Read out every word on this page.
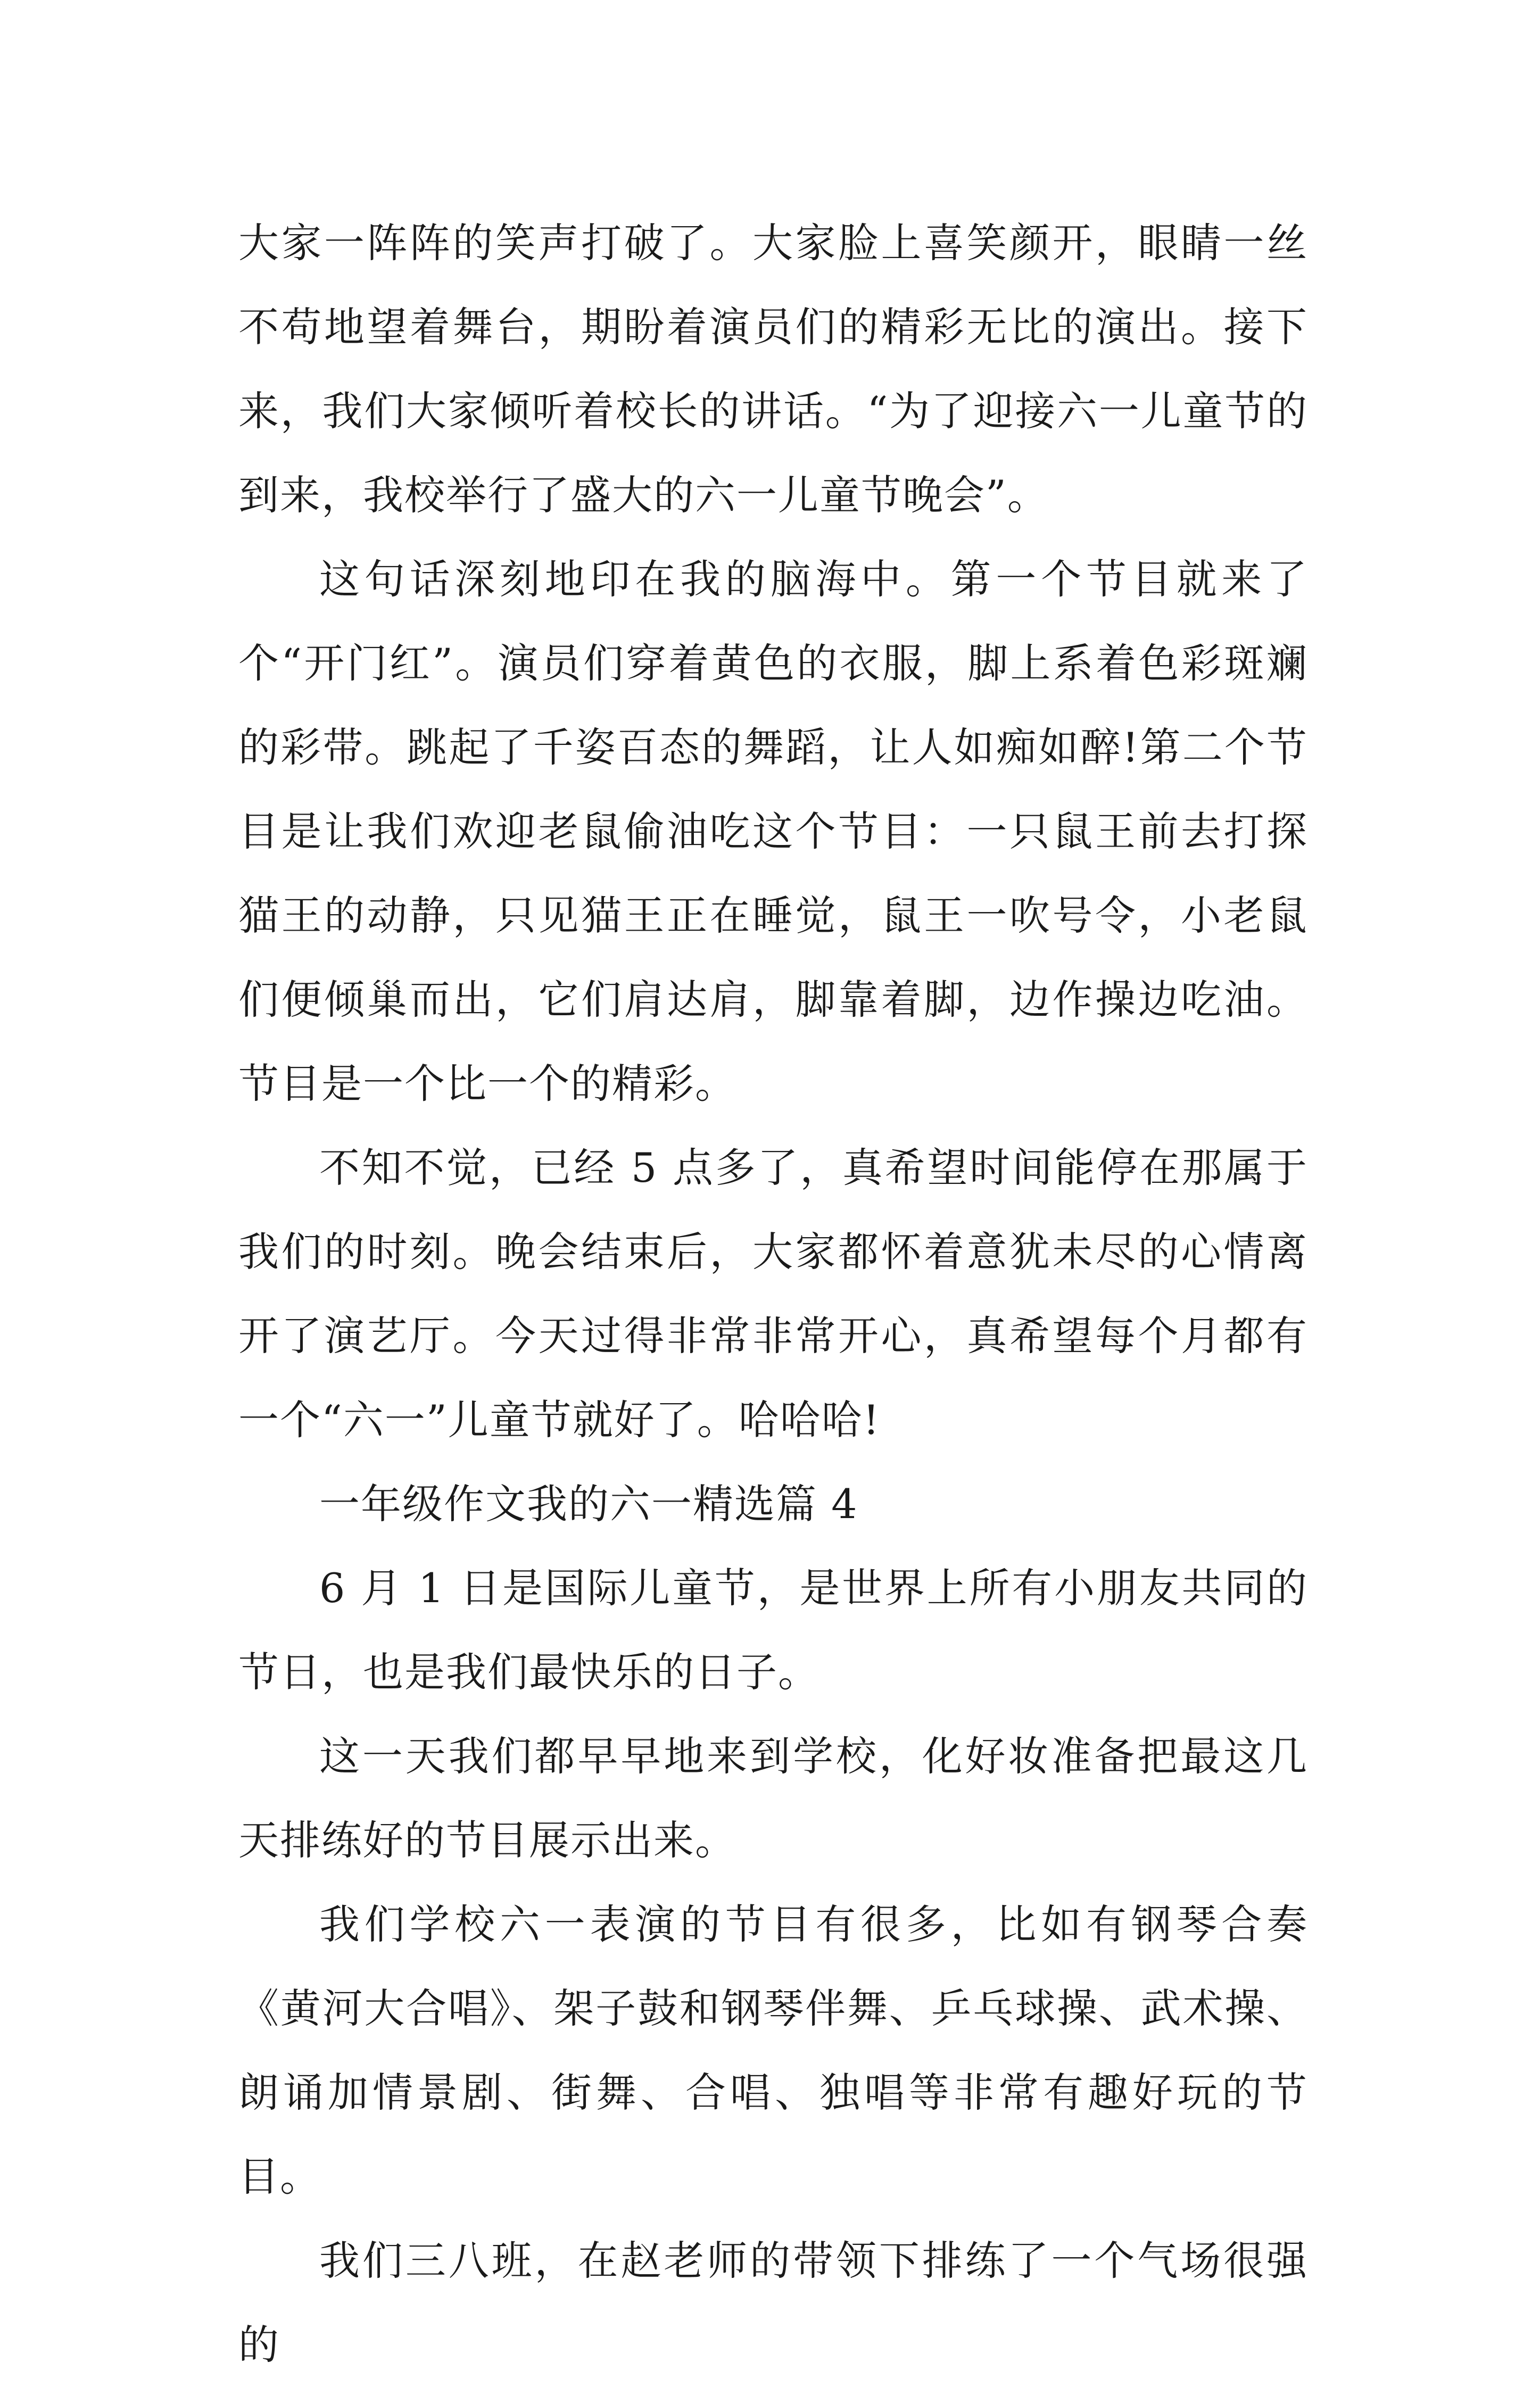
大家一阵阵的笑声打破了。大家脸上喜笑颜开，眼睛一丝不苟地望着舞台，期盼着演员们的精彩无比的演出。接下来，我们大家倾听着校长的讲话。“为了迎接六一儿童节的到来，我校举行了盛大的六一儿童节晚会”。

这句话深刻地印在我的脑海中。第一个节目就来了个“开门红”。演员们穿着黄色的衣服，脚上系着色彩斑斓的彩带。跳起了千姿百态的舞蹈，让人如痴如醉!第二个节目是让我们欢迎老鼠偷油吃这个节目：一只鼠王前去打探猫王的动静，只见猫王正在睡觉，鼠王一吹号令，小老鼠们便倾巢而出，它们肩达肩，脚靠着脚，边作操边吃油。节目是一个比一个的精彩。

不知不觉，已经 5 点多了，真希望时间能停在那属于我们的时刻。晚会结束后，大家都怀着意犹未尽的心情离开了演艺厅。今天过得非常非常开心，真希望每个月都有一个“六一”儿童节就好了。哈哈哈!

一年级作文我的六一精选篇 4

6 月 1 日是国际儿童节，是世界上所有小朋友共同的节日，也是我们最快乐的日子。

这一天我们都早早地来到学校，化好妆准备把最这几天排练好的节目展示出来。

我们学校六一表演的节目有很多，比如有钢琴合奏《黄河大合唱》、架子鼓和钢琴伴舞、乒乓球操、武术操、朗诵加情景剧、街舞、合唱、独唱等非常有趣好玩的节目。

我们三八班，在赵老师的带领下排练了一个气场很强的
